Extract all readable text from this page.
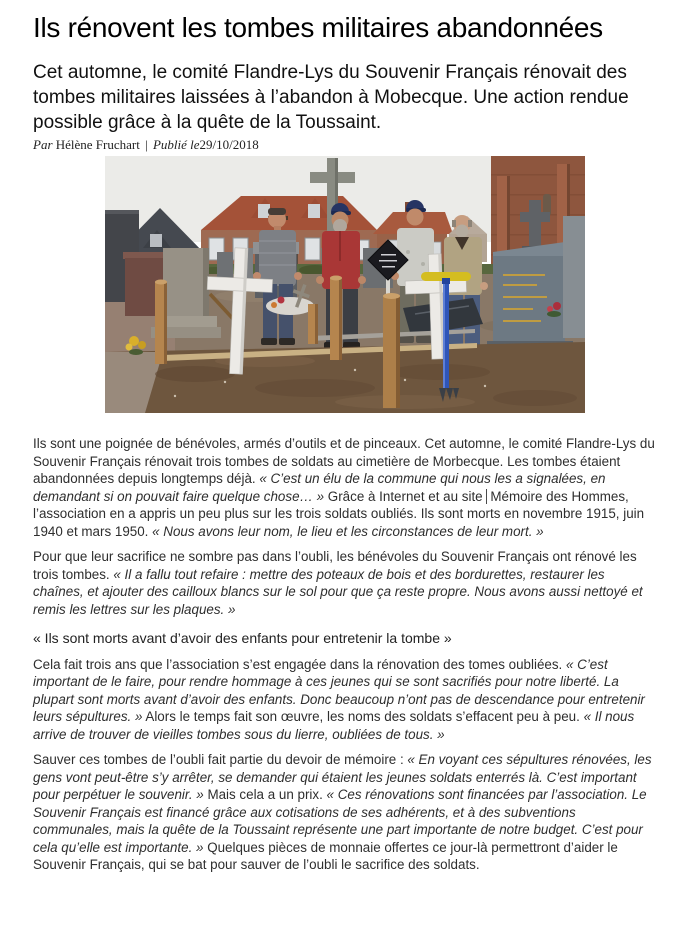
Ils rénovent les tombes militaires abandonnées

Cet automne, le comité Flandre-Lys du Souvenir Français rénovait des tombes militaires laissées à l’abandon à Mobecque. Une action rendue possible grâce à la quête de la Toussaint.

Par Hélène Fruchart | Publié le29/10/2018

Ils sont une poignée de bénévoles, armés d’outils et de pinceaux. Cet automne, le comité Flandre-Lys du Souvenir Français rénovait trois tombes de soldats au cimetière de Morbecque. Les tombes étaient abandonnées depuis longtemps déjà. « C’est un élu de la commune qui nous les a signalées, en demandant si on pouvait faire quelque chose… » Grâce à Internet et au site Mémoire des Hommes, l’association en a appris un peu plus sur les trois soldats oubliés. Ils sont morts en novembre 1915, juin 1940 et mars 1950. « Nous avons leur nom, le lieu et les circonstances de leur mort. »

Pour que leur sacrifice ne sombre pas dans l’oubli, les bénévoles du Souvenir Français ont rénové les trois tombes. « Il a fallu tout refaire : mettre des poteaux de bois et des bordurettes, restaurer les chaînes, et ajouter des cailloux blancs sur le sol pour que ça reste propre. Nous avons aussi nettoyé et remis les lettres sur les plaques. »

« Ils sont morts avant d’avoir des enfants pour entretenir la tombe »

Cela fait trois ans que l’association s’est engagée dans la rénovation des tomes oubliées. « C’est important de le faire, pour rendre hommage à ces jeunes qui se sont sacrifiés pour notre liberté. La plupart sont morts avant d’avoir des enfants. Donc beaucoup n’ont pas de descendance pour entretenir leurs sépultures. » Alors le temps fait son œuvre, les noms des soldats s’effacent peu à peu. « Il nous arrive de trouver de vieilles tombes sous du lierre, oubliées de tous. »

Sauver ces tombes de l’oubli fait partie du devoir de mémoire : « En voyant ces sépultures rénovées, les gens vont peut-être s’y arrêter, se demander qui étaient les jeunes soldats enterrés là. C’est important pour perpétuer le souvenir. » Mais cela a un prix. « Ces rénovations sont financées par l’association. Le Souvenir Français est financé grâce aux cotisations de ses adhérents, et à des subventions communales, mais la quête de la Toussaint représente une part importante de notre budget. C’est pour cela qu’elle est importante. » Quelques pièces de monnaie offertes ce jour-là permettront d’aider le Souvenir Français, qui se bat pour sauver de l’oubli le sacrifice des soldats.
